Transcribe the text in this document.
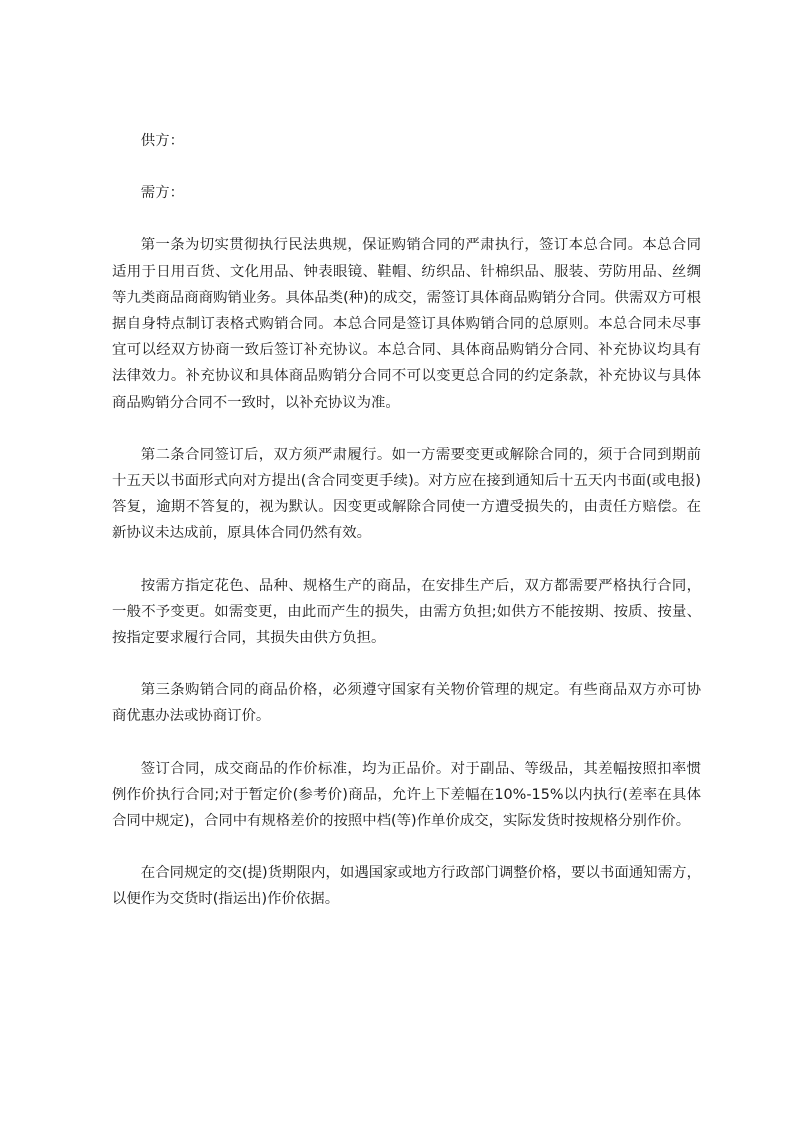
供方：

需方：

第一条为切实贯彻执行民法典规，保证购销合同的严肃执行，签订本总合同。本总合同适用于日用百货、文化用品、钟表眼镜、鞋帽、纺织品、针棉织品、服装、劳防用品、丝绸等九类商品商商购销业务。具体品类(种)的成交，需签订具体商品购销分合同。供需双方可根据自身特点制订表格式购销合同。本总合同是签订具体购销合同的总原则。本总合同未尽事宜可以经双方协商一致后签订补充协议。本总合同、具体商品购销分合同、补充协议均具有法律效力。补充协议和具体商品购销分合同不可以变更总合同的约定条款，补充协议与具体商品购销分合同不一致时，以补充协议为准。

第二条合同签订后，双方须严肃履行。如一方需要变更或解除合同的，须于合同到期前十五天以书面形式向对方提出(含合同变更手续)。对方应在接到通知后十五天内书面(或电报)答复，逾期不答复的，视为默认。因变更或解除合同使一方遭受损失的，由责任方赔偿。在新协议未达成前，原具体合同仍然有效。

按需方指定花色、品种、规格生产的商品，在安排生产后，双方都需要严格执行合同，一般不予变更。如需变更，由此而产生的损失，由需方负担;如供方不能按期、按质、按量、按指定要求履行合同，其损失由供方负担。

第三条购销合同的商品价格，必须遵守国家有关物价管理的规定。有些商品双方亦可协商优惠办法或协商订价。

签订合同，成交商品的作价标准，均为正品价。对于副品、等级品，其差幅按照扣率惯例作价执行合同;对于暂定价(参考价)商品，允许上下差幅在10%-15%以内执行(差率在具体合同中规定)，合同中有规格差价的按照中档(等)作单价成交，实际发货时按规格分别作价。

在合同规定的交(提)货期限内，如遇国家或地方行政部门调整价格，要以书面通知需方，以便作为交货时(指运出)作价依据。
